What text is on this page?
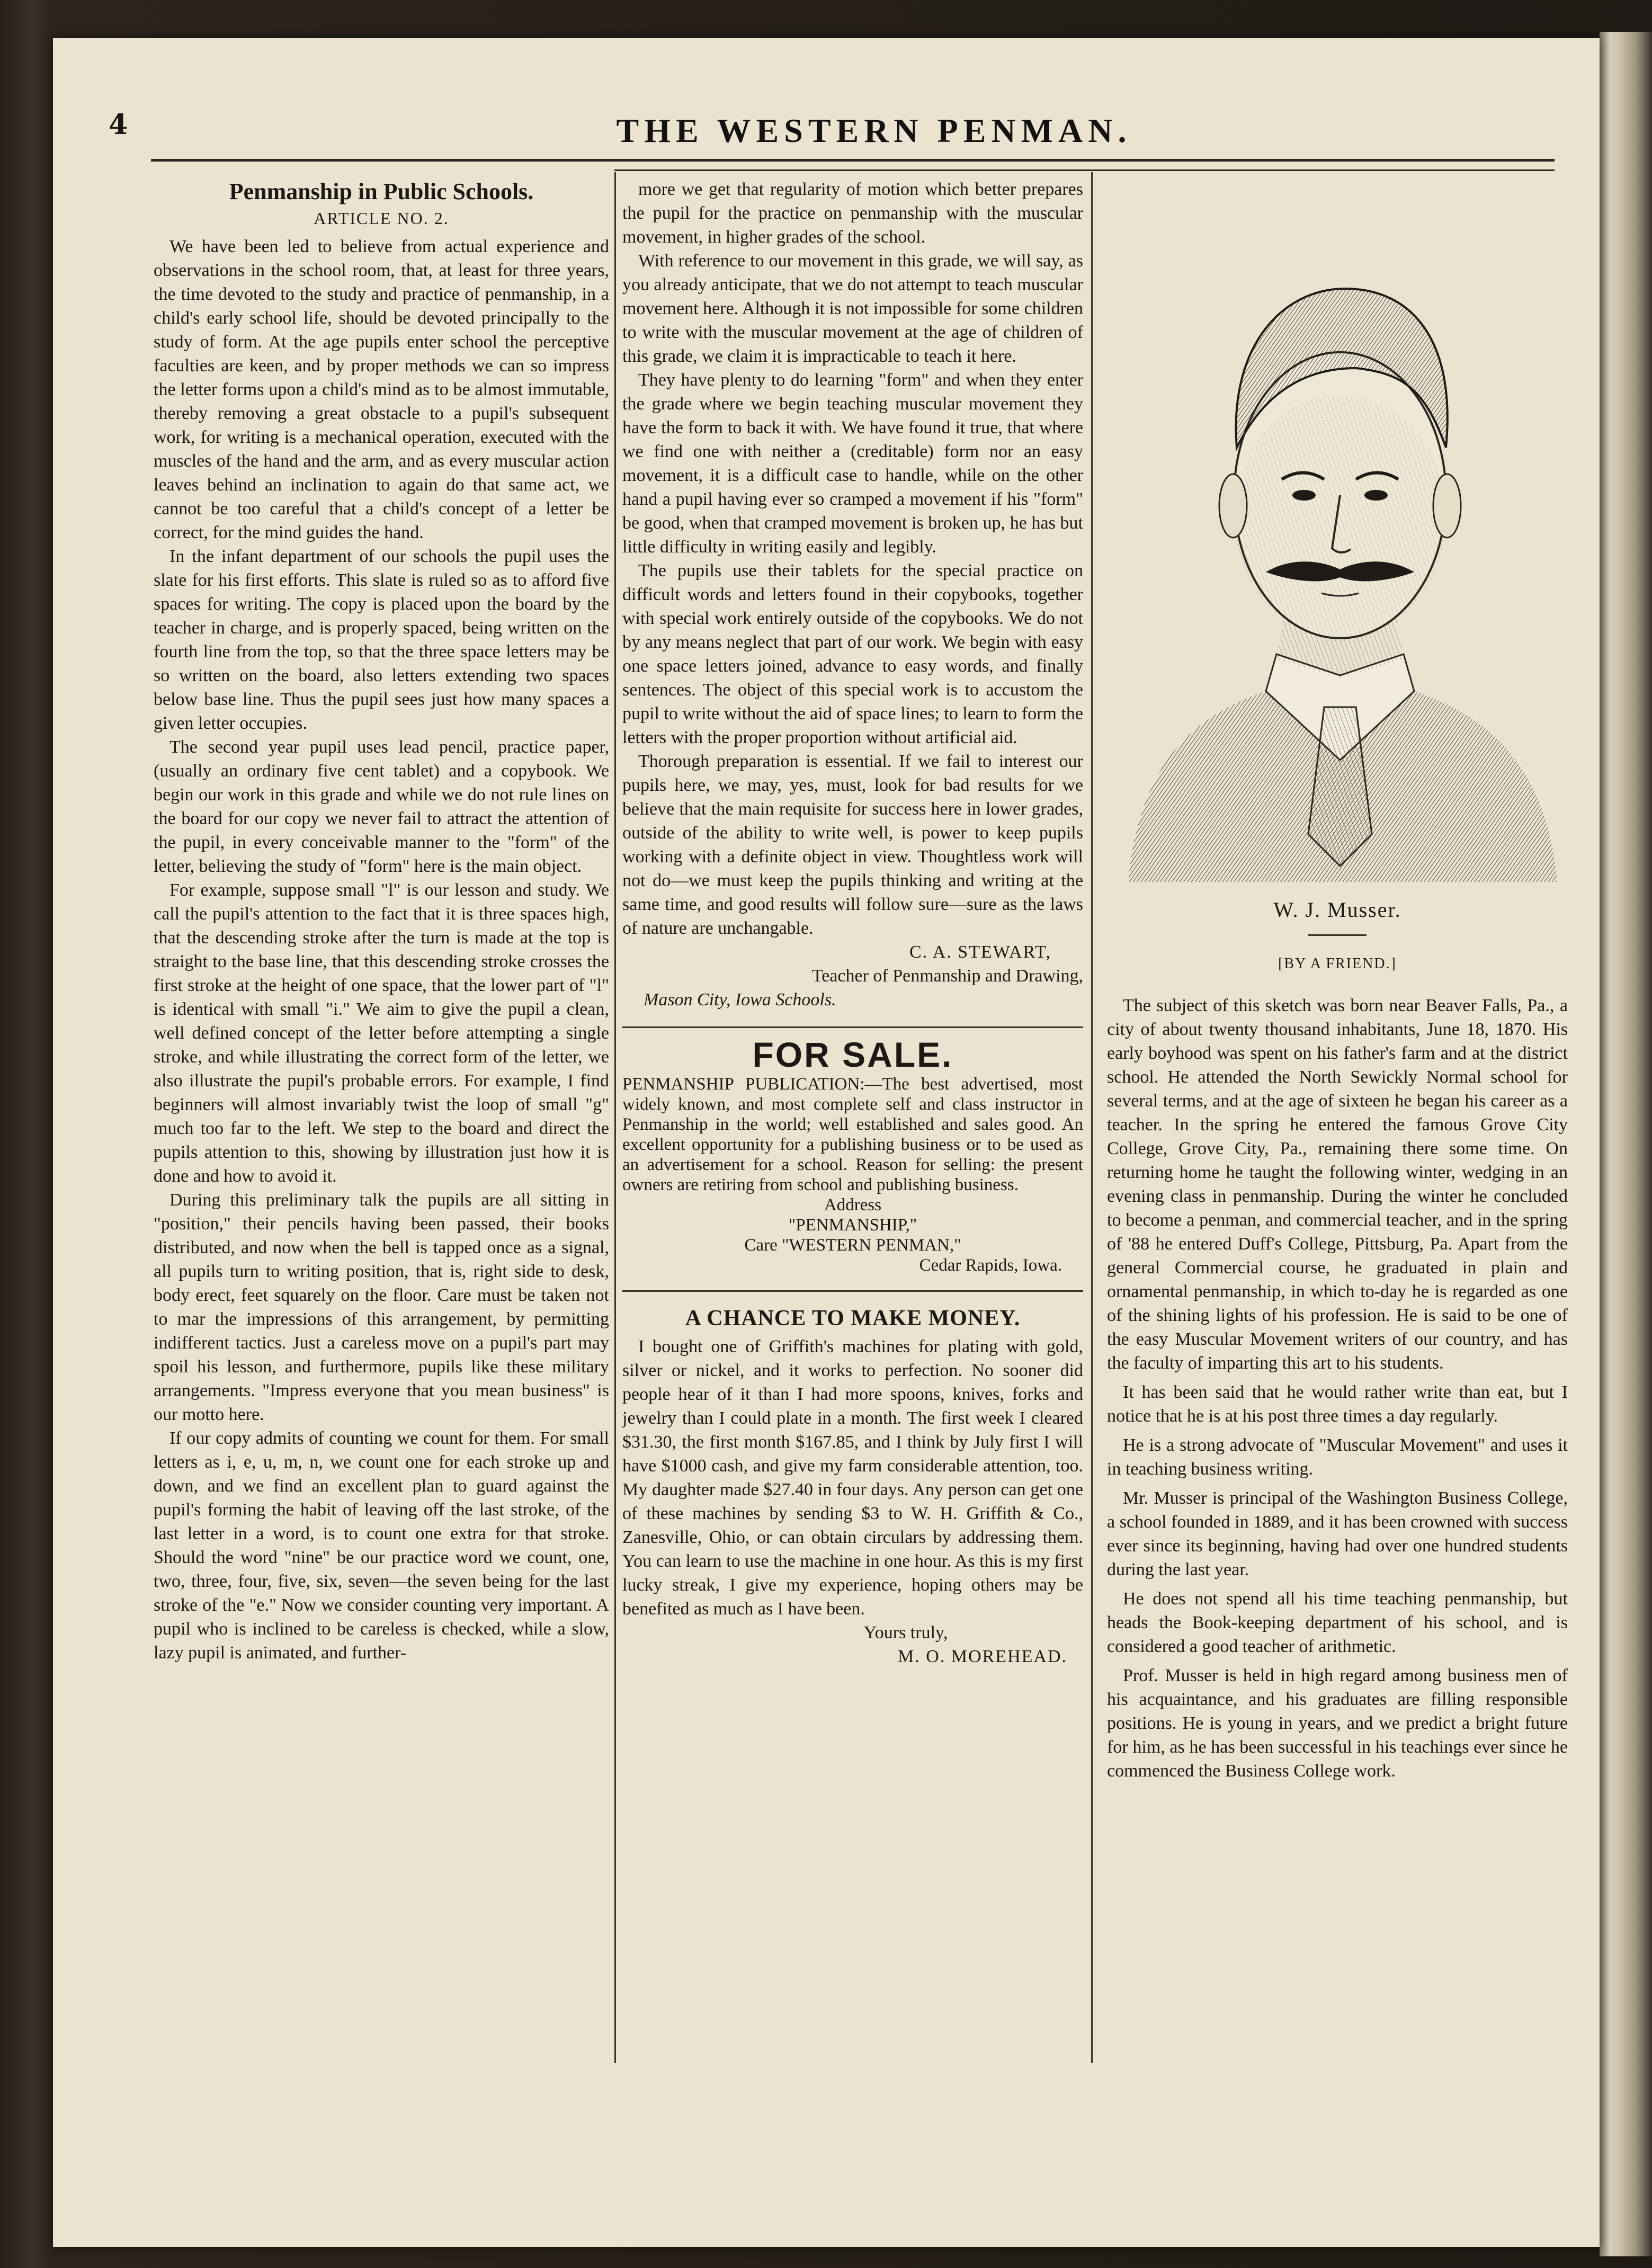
4	THE WESTERN PENMAN.
Penmanship in Public Schools.
ARTICLE NO. 2.

We have been led to believe from actual experience and observations in the school room, that, at least for three years, the time devoted to the study and practice of penmanship, in a child's early school life, should be devoted principally to the study of form. At the age pupils enter school the perceptive faculties are keen, and by proper methods we can so impress the letter forms upon a child's mind as to be almost immutable, thereby removing a great obstacle to a pupil's subsequent work, for writing is a mechanical operation, executed with the muscles of the hand and the arm, and as every muscular action leaves behind an inclination to again do that same act, we cannot be too careful that a child's concept of a letter be correct, for the mind guides the hand.

In the infant department of our schools the pupil uses the slate for his first efforts. This slate is ruled so as to afford five spaces for writing. The copy is placed upon the board by the teacher in charge, and is properly spaced, being written on the fourth line from the top, so that the three space letters may be so written on the board, also letters extending two spaces below base line. Thus the pupil sees just how many spaces a given letter occupies.

The second year pupil uses lead pencil, practice paper, (usually an ordinary five cent tablet) and a copybook. We begin our work in this grade and while we do not rule lines on the board for our copy we never fail to attract the attention of the pupil, in every conceivable manner to the "form" of the letter, believing the study of "form" here is the main object.

For example, suppose small "l" is our lesson and study. We call the pupil's attention to the fact that it is three spaces high, that the descending stroke after the turn is made at the top is straight to the base line, that this descending stroke crosses the first stroke at the height of one space, that the lower part of "l" is identical with small "i." We aim to give the pupil a clean, well defined concept of the letter before attempting a single stroke, and while illustrating the correct form of the letter, we also illustrate the pupil's probable errors. For example, I find beginners will almost invariably twist the loop of small "g" much too far to the left. We step to the board and direct the pupils attention to this, showing by illustration just how it is done and how to avoid it.

During this preliminary talk the pupils are all sitting in "position," their pencils having been passed, their books distributed, and now when the bell is tapped once as a signal, all pupils turn to writing position, that is, right side to desk, body erect, feet squarely on the floor. Care must be taken not to mar the impressions of this arrangement, by permitting indifferent tactics. Just a careless move on a pupil's part may spoil his lesson, and furthermore, pupils like these military arrangements. "Impress everyone that you mean business" is our motto here.

If our copy admits of counting we count for them. For small letters as i, e, u, m, n, we count one for each stroke up and down, and we find an excellent plan to guard against the pupil's forming the habit of leaving off the last stroke, of the last letter in a word, is to count one extra for that stroke. Should the word "nine" be our practice word we count, one, two, three, four, five, six, seven—the seven being for the last stroke of the "e." Now we consider counting very important. A pupil who is inclined to be careless is checked, while a slow, lazy pupil is animated, and further-

more we get that regularity of motion which better prepares the pupil for the practice on penmanship with the muscular movement, in higher grades of the school.

With reference to our movement in this grade, we will say, as you already anticipate, that we do not attempt to teach muscular movement here. Although it is not impossible for some children to write with the muscular movement at the age of children of this grade, we claim it is impracticable to teach it here.

They have plenty to do learning "form" and when they enter the grade where we begin teaching muscular movement they have the form to back it with. We have found it true, that where we find one with neither a (creditable) form nor an easy movement, it is a difficult case to handle, while on the other hand a pupil having ever so cramped a movement if his "form" be good, when that cramped movement is broken up, he has but little difficulty in writing easily and legibly.

The pupils use their tablets for the special practice on difficult words and letters found in their copybooks, together with special work entirely outside of the copybooks. We do not by any means neglect that part of our work. We begin with easy one space letters joined, advance to easy words, and finally sentences. The object of this special work is to accustom the pupil to write without the aid of space lines; to learn to form the letters with the proper proportion without artificial aid.

Thorough preparation is essential. If we fail to interest our pupils here, we may, yes, must, look for bad results for we believe that the main requisite for success here in lower grades, outside of the ability to write well, is power to keep pupils working with a definite object in view. Thoughtless work will not do—we must keep the pupils thinking and writing at the same time, and good results will follow sure—sure as the laws of nature are unchangable.

C. A. STEWART,
Teacher of Penmanship and Drawing,
Mason City, Iowa Schools.
FOR SALE.
PENMANSHIP PUBLICATION:—The best advertised, most widely known, and most complete self and class instructor in Penmanship in the world; well established and sales good. An excellent opportunity for a publishing business or to be used as an advertisement for a school. Reason for selling: the present owners are retiring from school and publishing business.
Address
"PENMANSHIP,"
Care "WESTERN PENMAN,"
Cedar Rapids, Iowa.
A CHANCE TO MAKE MONEY.

I bought one of Griffith's machines for plating with gold, silver or nickel, and it works to perfection. No sooner did people hear of it than I had more spoons, knives, forks and jewelry than I could plate in a month. The first week I cleared $31.30, the first month $167.85, and I think by July first I will have $1000 cash, and give my farm considerable attention, too. My daughter made $27.40 in four days. Any person can get one of these machines by sending $3 to W. H. Griffith & Co., Zanesville, Ohio, or can obtain circulars by addressing them. You can learn to use the machine in one hour. As this is my first lucky streak, I give my experience, hoping others may be benefited as much as I have been.

Yours truly,
M. O. MOREHEAD.
W. J. Musser.
[BY A FRIEND.]

The subject of this sketch was born near Beaver Falls, Pa., a city of about twenty thousand inhabitants, June 18, 1870. His early boyhood was spent on his father's farm and at the district school. He attended the North Sewickly Normal school for several terms, and at the age of sixteen he began his career as a teacher. In the spring he entered the famous Grove City College, Grove City, Pa., remaining there some time. On returning home he taught the following winter, wedging in an evening class in penmanship. During the winter he concluded to become a penman, and commercial teacher, and in the spring of '88 he entered Duff's College, Pittsburg, Pa. Apart from the general Commercial course, he graduated in plain and ornamental penmanship, in which to-day he is regarded as one of the shining lights of his profession. He is said to be one of the easy Muscular Movement writers of our country, and has the faculty of imparting this art to his students.

It has been said that he would rather write than eat, but I notice that he is at his post three times a day regularly.

He is a strong advocate of "Muscular Movement" and uses it in teaching business writing.

Mr. Musser is principal of the Washington Business College, a school founded in 1889, and it has been crowned with success ever since its beginning, having had over one hundred students during the last year.

He does not spend all his time teaching penmanship, but heads the Book-keeping department of his school, and is considered a good teacher of arithmetic.

Prof. Musser is held in high regard among business men of his acquaintance, and his graduates are filling responsible positions. He is young in years, and we predict a bright future for him, as he has been successful in his teachings ever since he commenced the Business College work.
